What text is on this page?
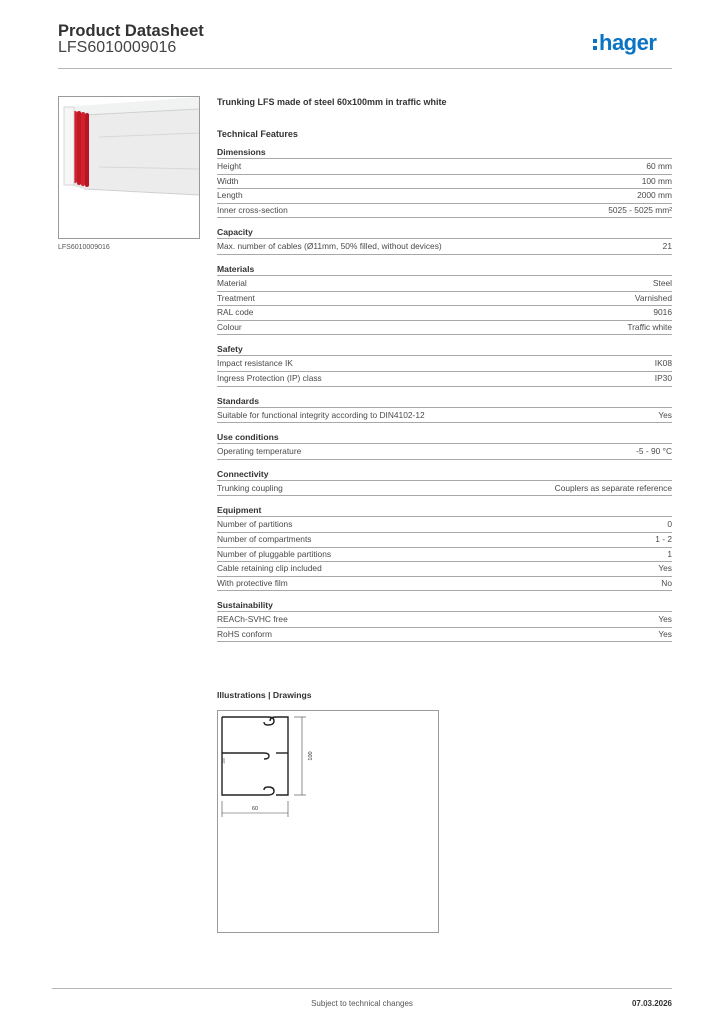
Product Datasheet
LFS6010009016	hager
LFS6010009016
Trunking LFS made of steel 60x100mm in traffic white
Technical Features
Dimensions
Height	60 mm
Width	100 mm
Length	2000 mm
Inner cross-section	5025 - 5025 mm²
Capacity
Max. number of cables (Ø11mm, 50% filled, without devices)	21
Materials
Material	Steel
Treatment	Varnished
RAL code	9016
Colour	Traffic white
Safety
Impact resistance IK	IK08
Ingress Protection (IP) class	IP30
Standards
Suitable for functional integrity according to DIN4102-12	Yes
Use conditions
Operating temperature	-5 - 90 °C
Connectivity
Trunking coupling	Couplers as separate reference
Equipment
Number of partitions	0
Number of compartments	1 - 2
Number of pluggable partitions	1
Cable retaining clip included	Yes
With protective film	No
Sustainability
REACh-SVHC free	Yes
RoHS conform	Yes
Illustrations | Drawings
60
100
100
Subject to technical changes	07.03.2026
